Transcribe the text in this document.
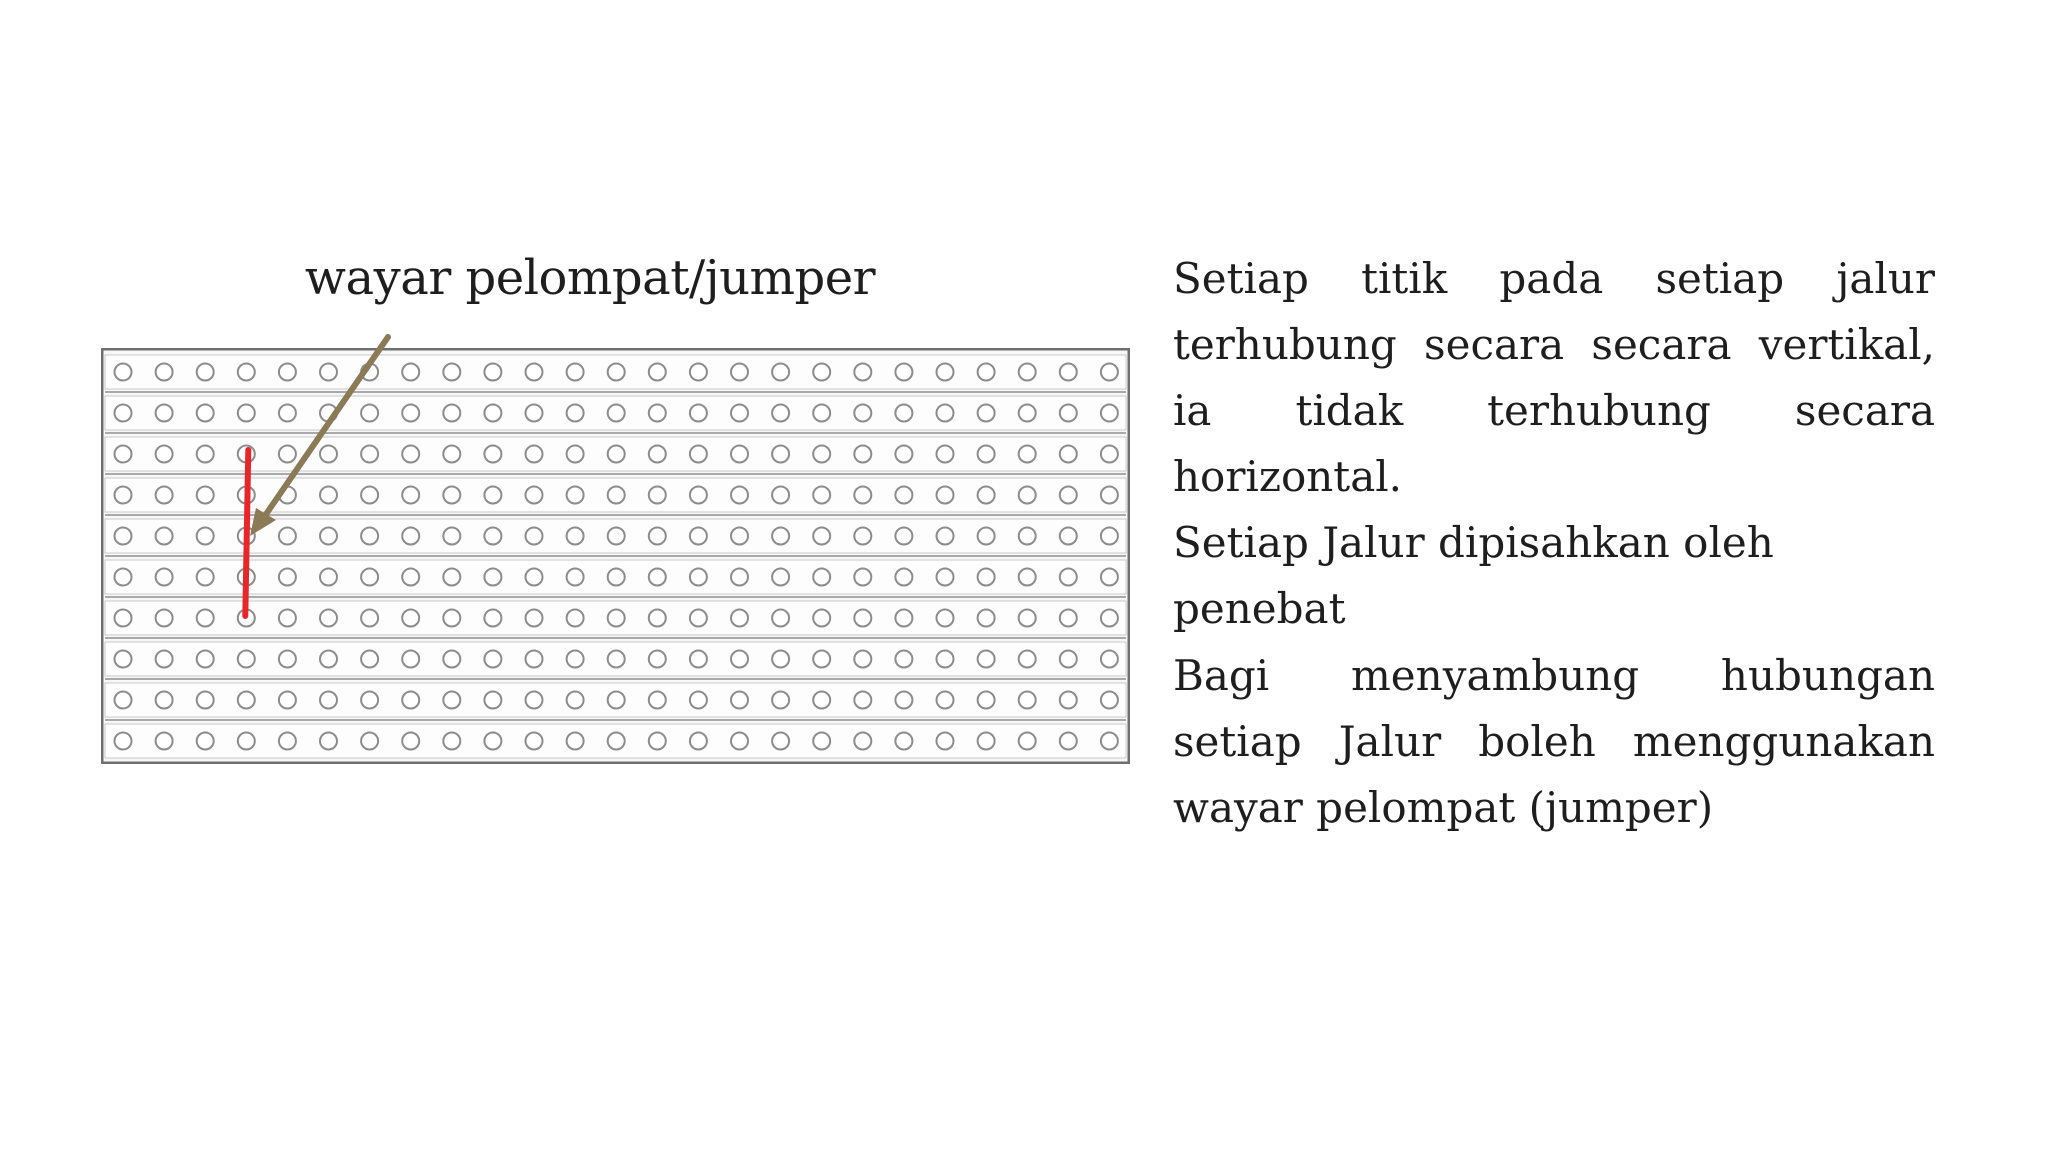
wayar pelompat/jumper	Setiap titik pada setiap jalur terhubung secara secara vertikal, ia tidak terhubung secara horizontal.

Setiap Jalur dipisahkan oleh penebat

Bagi menyambung hubungan setiap Jalur boleh menggunakan wayar pelompat (jumper)
